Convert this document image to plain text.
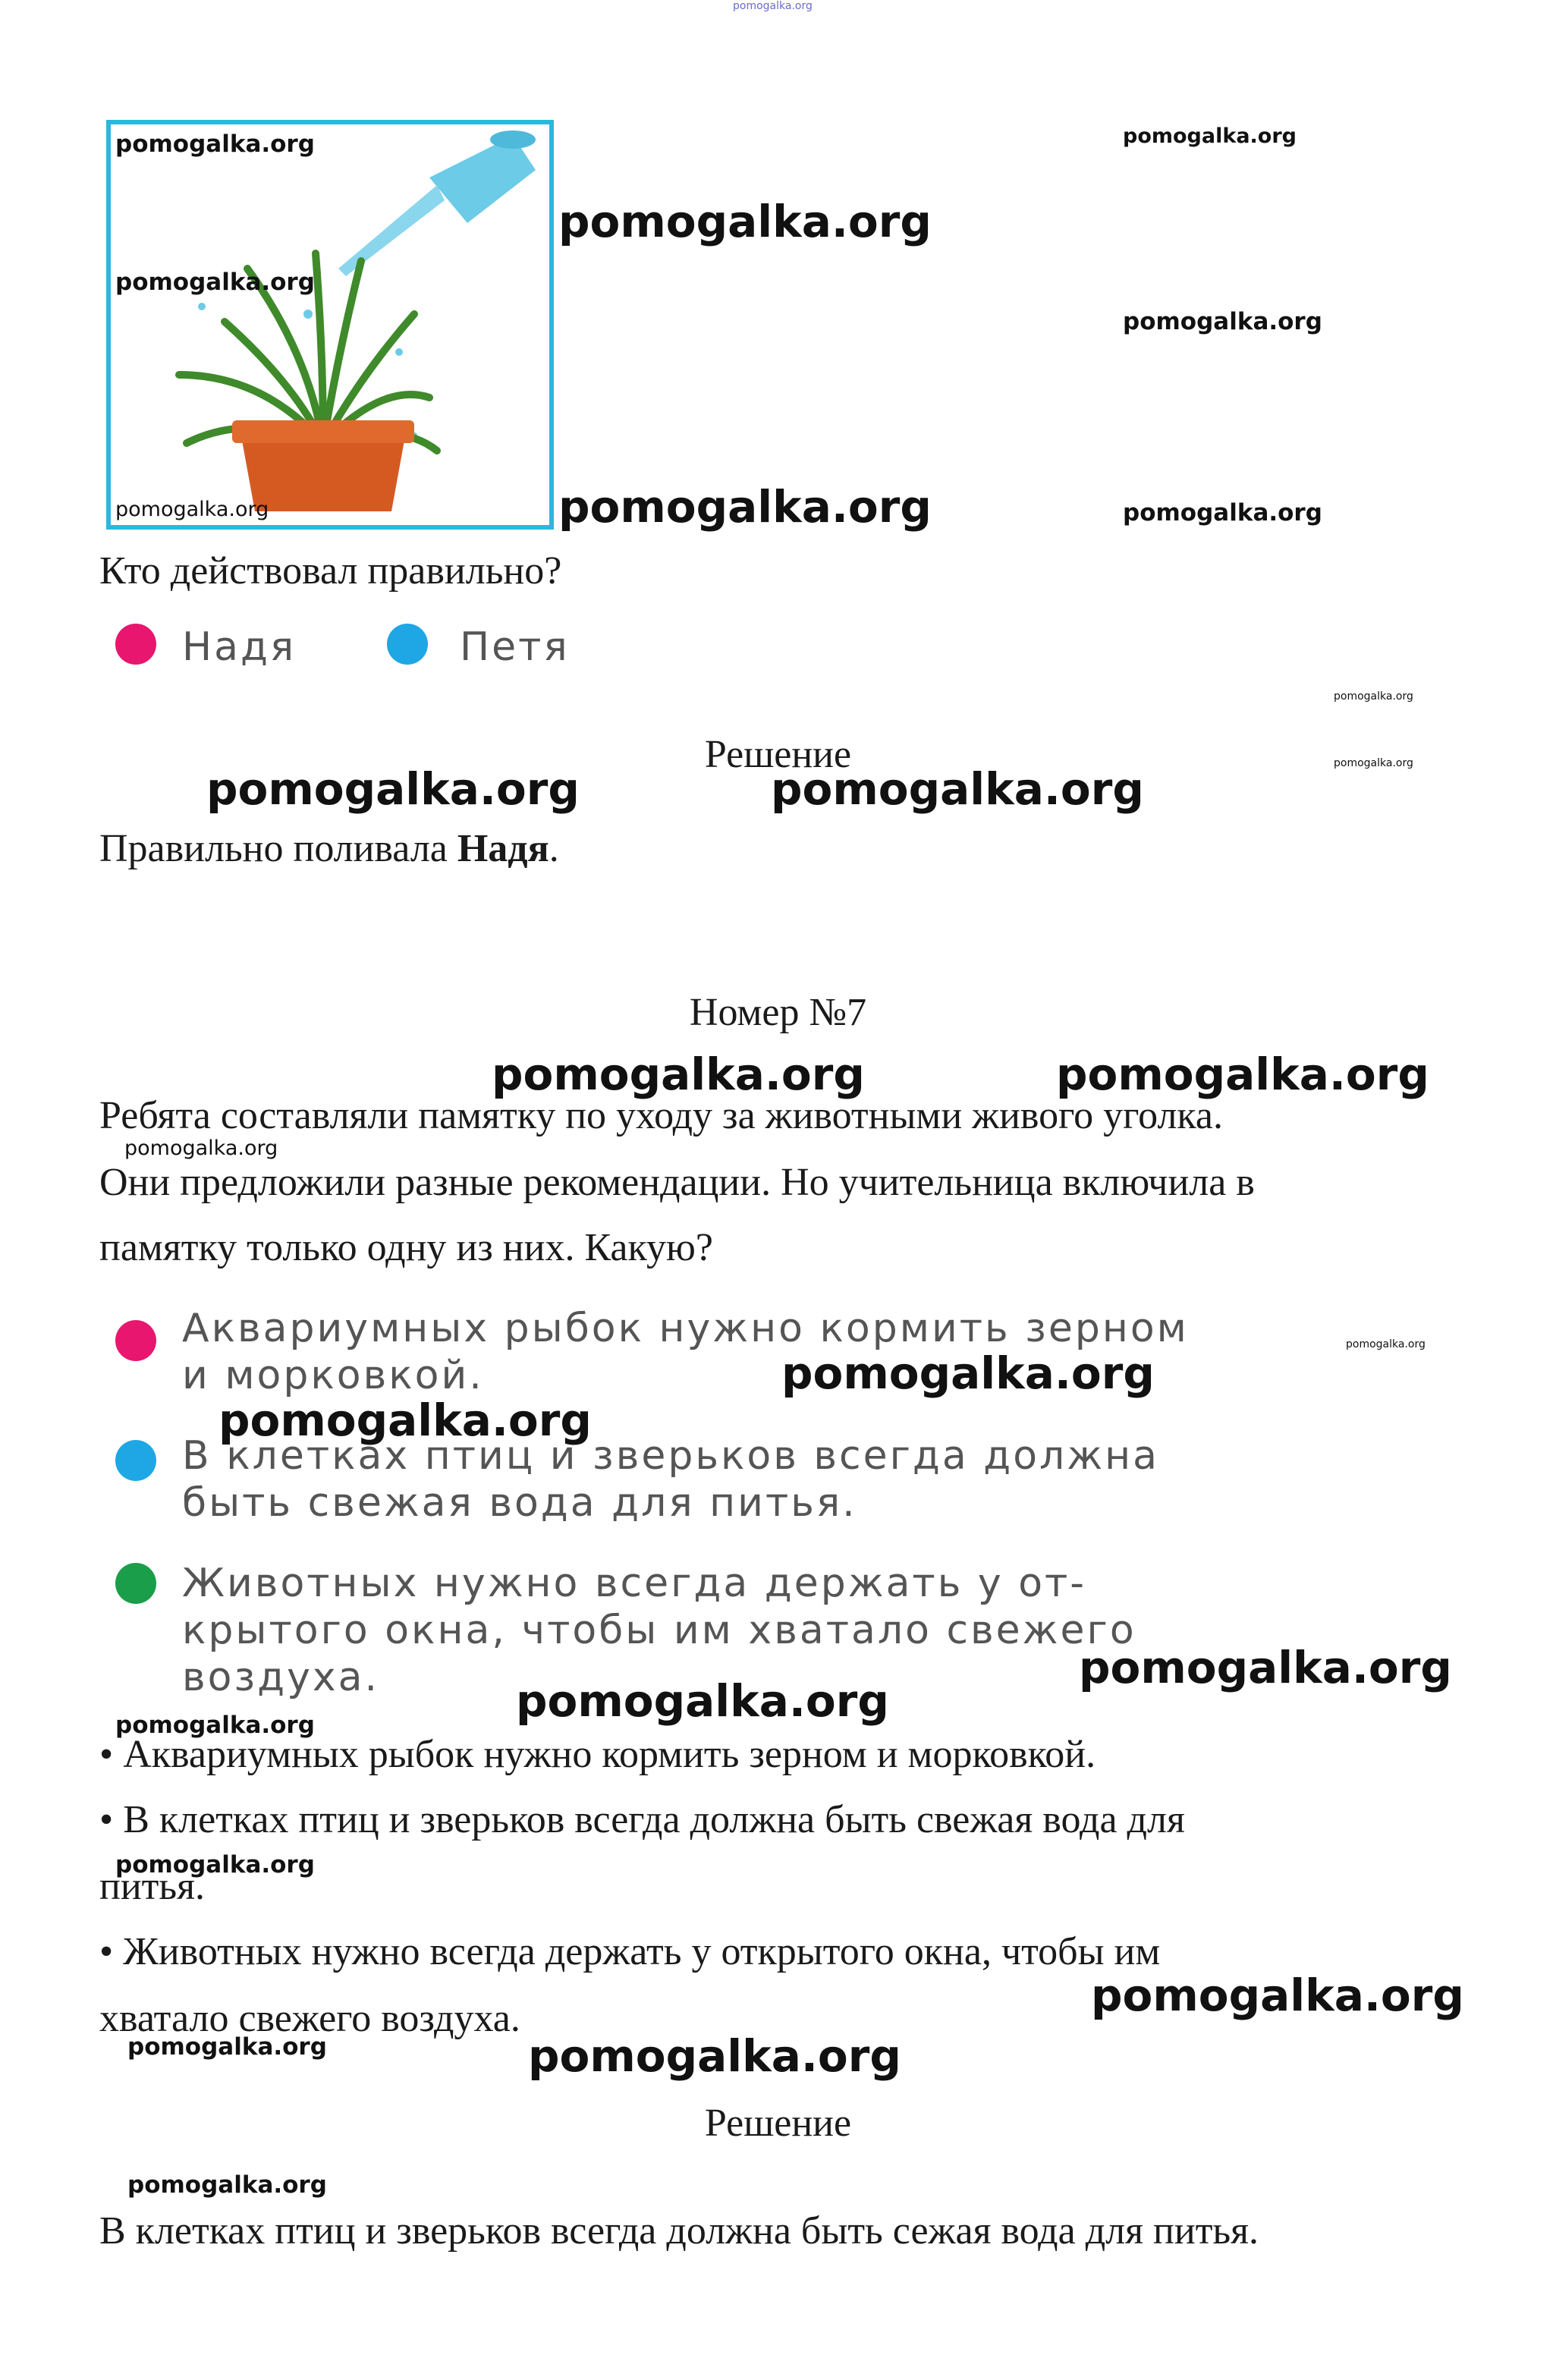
pomogalka.org
pomogalka.org
pomogalka.org
pomogalka.org
pomogalka.org
pomogalka.org
pomogalka.org
pomogalka.org
pomogalka.org
Кто действовал правильно?
Надя	Петя
pomogalka.org
pomogalka.org
Решение
pomogalka.org	pomogalka.org
Правильно поливала Надя.
Номер №7
pomogalka.org	pomogalka.org
Ребята составляли памятку по уходу за животными живого уголка.
pomogalka.org
Они предложили разные рекомендации. Но учительница включила в
памятку только одну из них. Какую?
Аквариумных рыбок нужно кормить зерном
и морковкой.
pomogalka.org
pomogalka.org
pomogalka.org
В клетках птиц и зверьков всегда должна
быть свежая вода для питья.
Животных нужно всегда держать у от-
крытого окна, чтобы им хватало свежего
воздуха.	pomogalka.org
pomogalka.org
pomogalka.org
• Аквариумных рыбок нужно кормить зерном и морковкой.
• В клетках птиц и зверьков всегда должна быть свежая вода для
pomogalka.org
питья.
• Животных нужно всегда держать у открытого окна, чтобы им
pomogalka.org
хватало свежего воздуха.
pomogalka.org	pomogalka.org
Решение
pomogalka.org
В клетках птиц и зверьков всегда должна быть сежая вода для питья.
